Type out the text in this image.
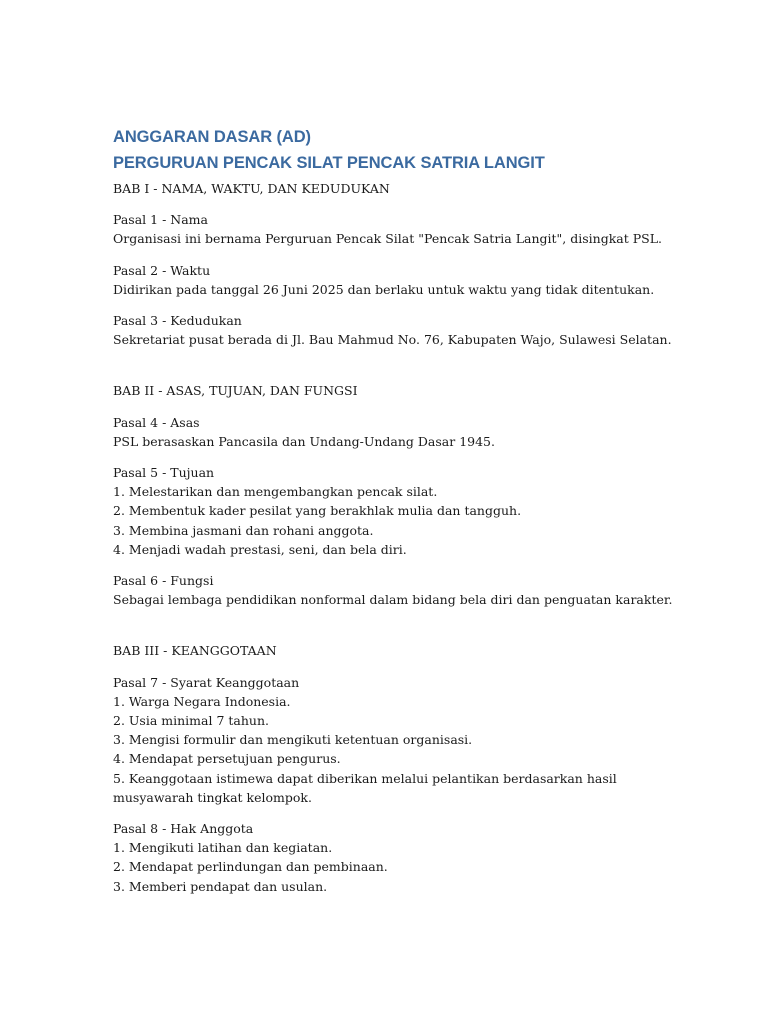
ANGGARAN DASAR (AD)
PERGURUAN PENCAK SILAT PENCAK SATRIA LANGIT
BAB I - NAMA, WAKTU, DAN KEDUDUKAN
Pasal 1 - Nama
Organisasi ini bernama Perguruan Pencak Silat "Pencak Satria Langit", disingkat PSL.
Pasal 2 - Waktu
Didirikan pada tanggal 26 Juni 2025 dan berlaku untuk waktu yang tidak ditentukan.
Pasal 3 - Kedudukan
Sekretariat pusat berada di Jl. Bau Mahmud No. 76, Kabupaten Wajo, Sulawesi Selatan.
BAB II - ASAS, TUJUAN, DAN FUNGSI
Pasal 4 - Asas
PSL berasaskan Pancasila dan Undang-Undang Dasar 1945.
Pasal 5 - Tujuan
1. Melestarikan dan mengembangkan pencak silat.
2. Membentuk kader pesilat yang berakhlak mulia dan tangguh.
3. Membina jasmani dan rohani anggota.
4. Menjadi wadah prestasi, seni, dan bela diri.
Pasal 6 - Fungsi
Sebagai lembaga pendidikan nonformal dalam bidang bela diri dan penguatan karakter.
BAB III - KEANGGOTAAN
Pasal 7 - Syarat Keanggotaan
1. Warga Negara Indonesia.
2. Usia minimal 7 tahun.
3. Mengisi formulir dan mengikuti ketentuan organisasi.
4. Mendapat persetujuan pengurus.
5. Keanggotaan istimewa dapat diberikan melalui pelantikan berdasarkan hasil
musyawarah tingkat kelompok.
Pasal 8 - Hak Anggota
1. Mengikuti latihan dan kegiatan.
2. Mendapat perlindungan dan pembinaan.
3. Memberi pendapat dan usulan.
